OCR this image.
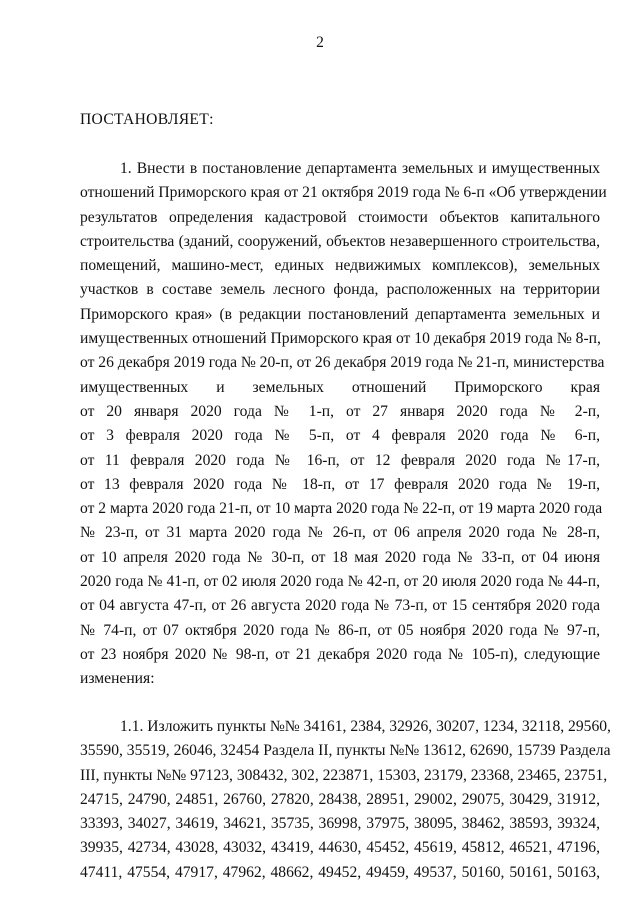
2
ПОСТАНОВЛЯЕТ:
1. Внести в постановление департамента земельных и имущественных
отношений Приморского края от 21 октября 2019 года № 6-п «Об утверждении
результатов определения кадастровой стоимости объектов капитального
строительства (зданий, сооружений, объектов незавершенного строительства,
помещений, машино-мест, единых недвижимых комплексов), земельных
участков в составе земель лесного фонда, расположенных на территории
Приморского края» (в редакции постановлений департамента земельных и
имущественных отношений Приморского края от 10 декабря 2019 года № 8-п,
от 26 декабря 2019 года № 20-п, от 26 декабря 2019 года № 21-п, министерства
имущественных и земельных отношений Приморского края
от 20 января 2020 года № 1-п, от 27 января 2020 года № 2-п,
от 3 февраля 2020 года № 5-п, от 4 февраля 2020 года № 6-п,
от 11 февраля 2020 года № 16-п, от 12 февраля 2020 года №17-п,
от 13 февраля 2020 года № 18-п, от 17 февраля 2020 года № 19-п,
от 2 марта 2020 года 21-п, от 10 марта 2020 года № 22-п, от 19 марта 2020 года
№ 23-п, от 31 марта 2020 года № 26-п, от 06 апреля 2020 года № 28-п,
от 10 апреля 2020 года № 30-п, от 18 мая 2020 года № 33-п, от 04 июня
2020 года № 41-п, от 02 июля 2020 года № 42-п, от 20 июля 2020 года № 44-п,
от 04 августа 47-п, от 26 августа 2020 года № 73-п, от 15 сентября 2020 года
№ 74-п, от 07 октября 2020 года № 86-п, от 05 ноября 2020 года № 97-п,
от 23 ноября 2020 № 98-п, от 21 декабря 2020 года № 105-п), следующие
изменения:
1.1. Изложить пункты №№ 34161, 2384, 32926, 30207, 1234, 32118, 29560,
35590, 35519, 26046, 32454 Раздела II, пункты №№ 13612, 62690, 15739 Раздела
III, пункты №№ 97123, 308432, 302, 223871, 15303, 23179, 23368, 23465, 23751,
24715, 24790, 24851, 26760, 27820, 28438, 28951, 29002, 29075, 30429, 31912,
33393, 34027, 34619, 34621, 35735, 36998, 37975, 38095, 38462, 38593, 39324,
39935, 42734, 43028, 43032, 43419, 44630, 45452, 45619, 45812, 46521, 47196,
47411, 47554, 47917, 47962, 48662, 49452, 49459, 49537, 50160, 50161, 50163,
